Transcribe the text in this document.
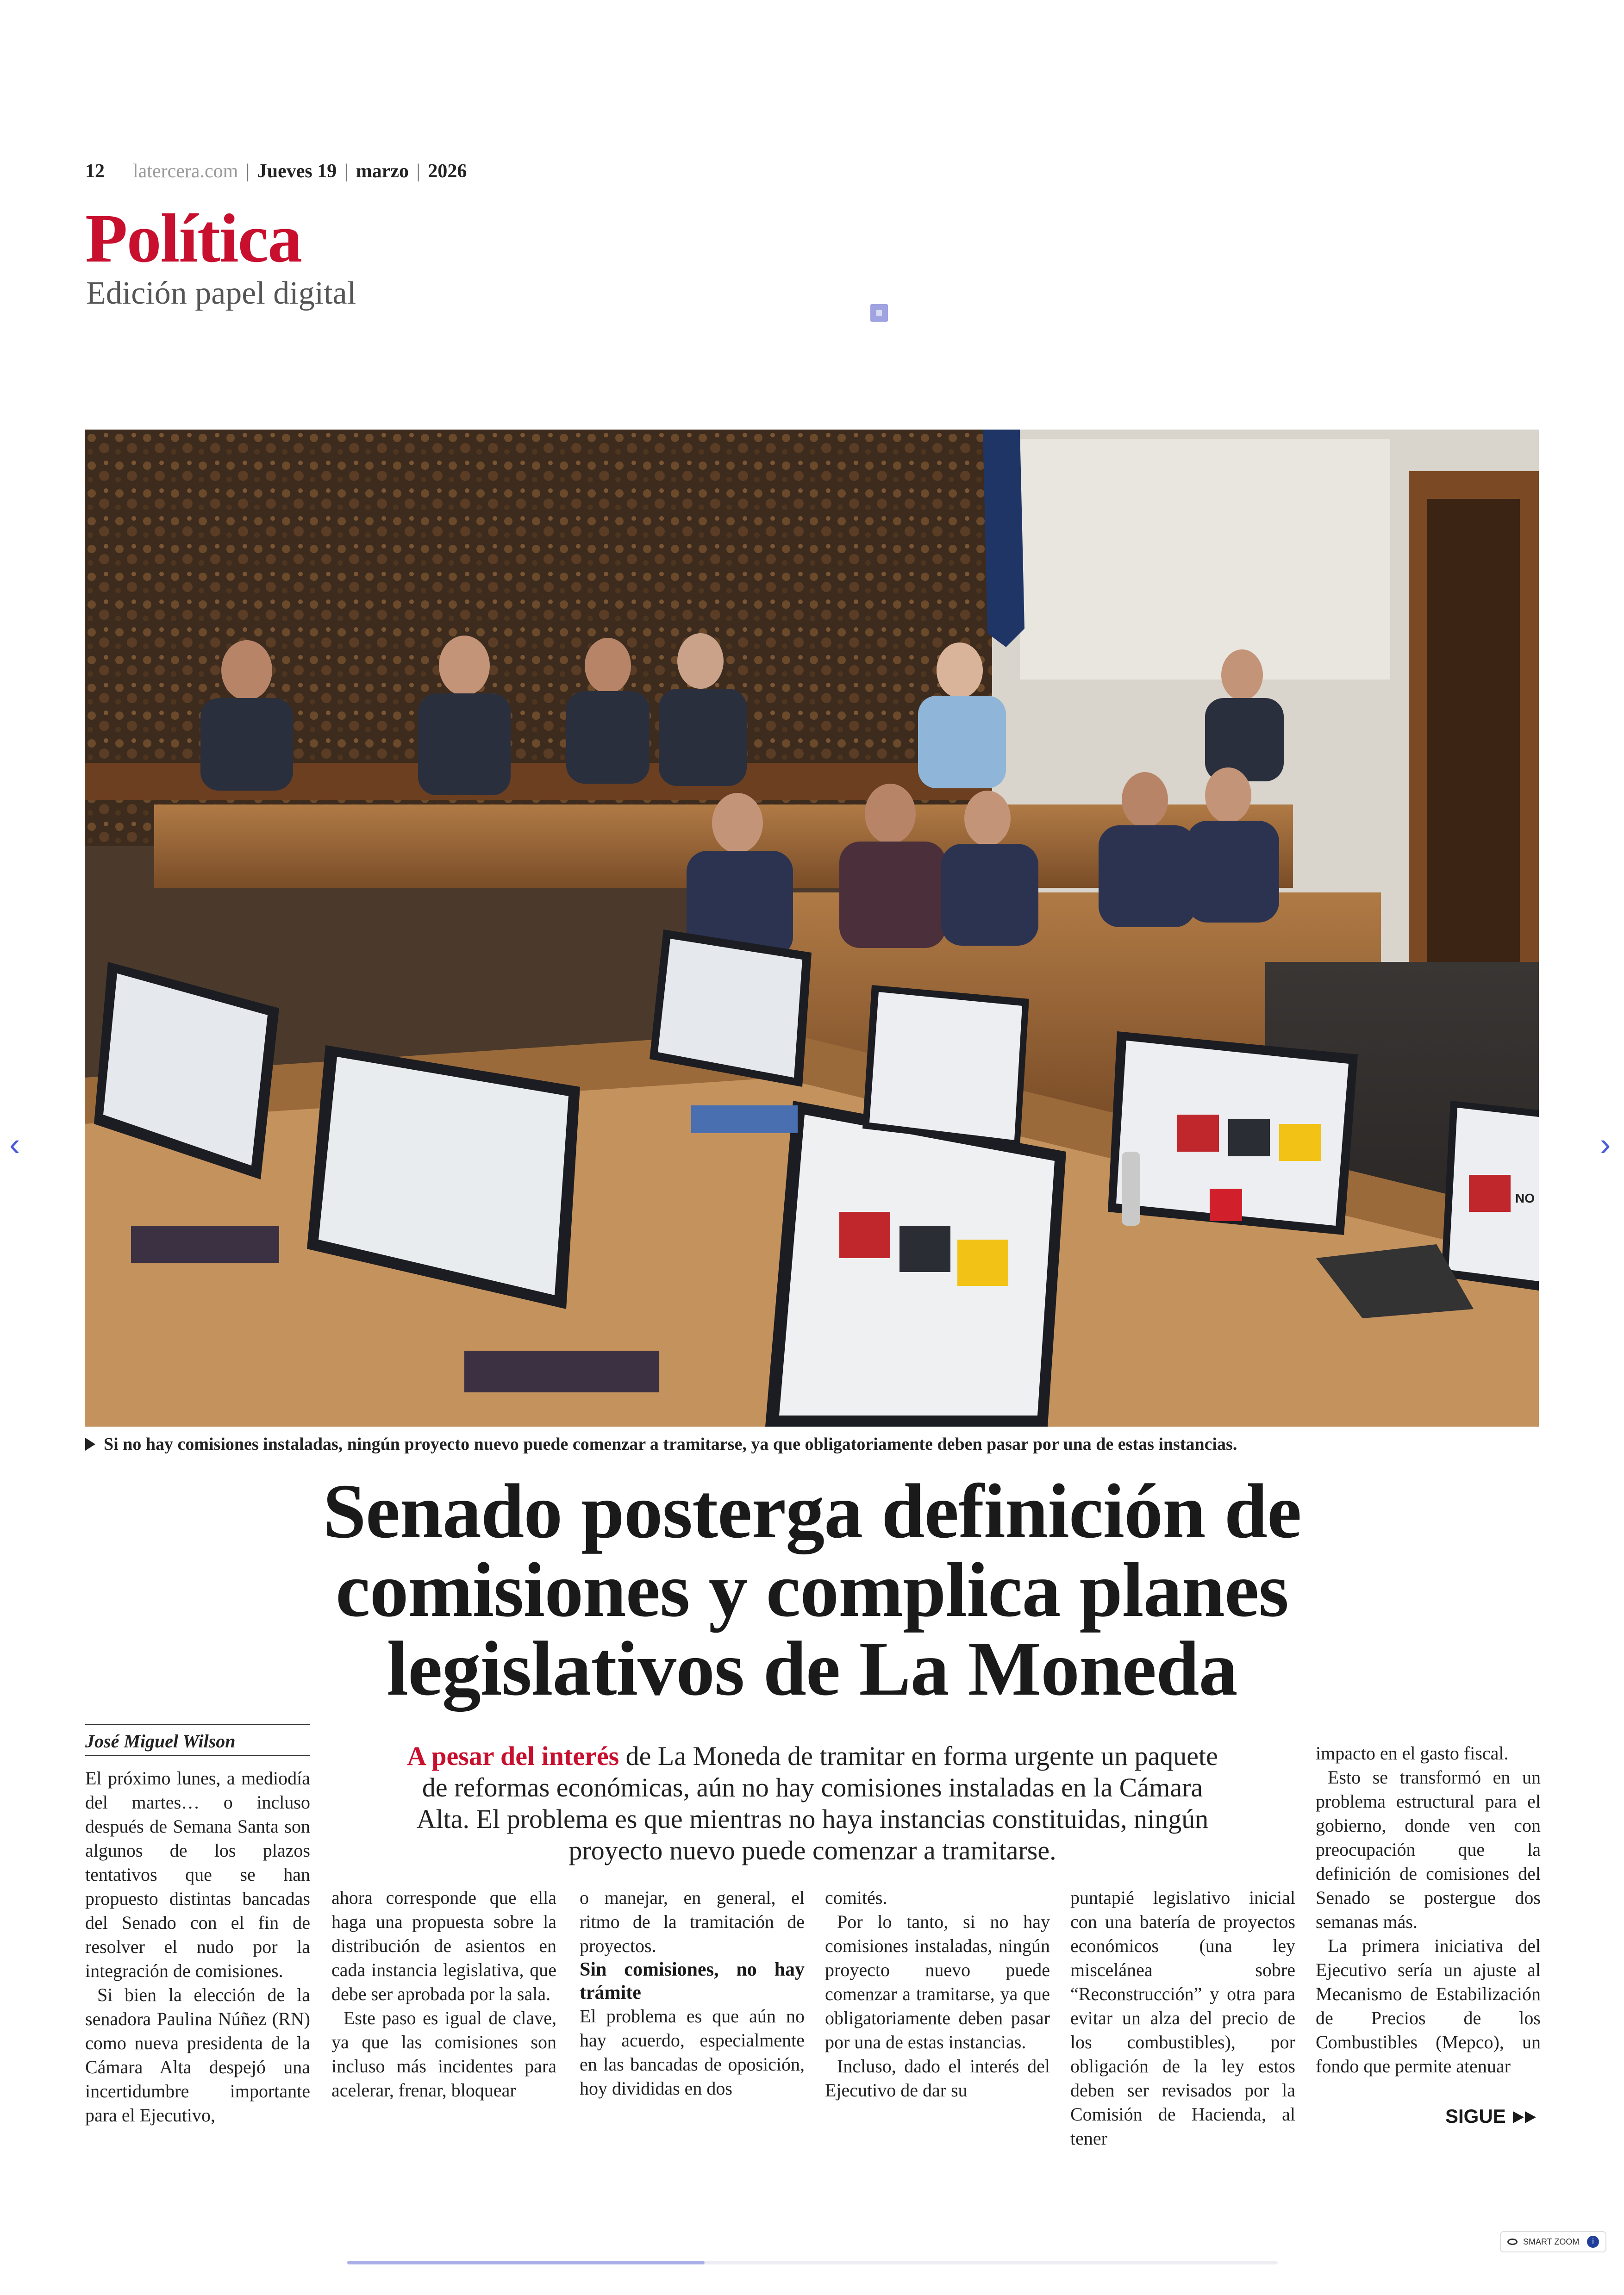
12 latercera.com | Jueves 19 | marzo | 2026
Política
Edición papel digital
NO
Si no hay comisiones instaladas, ningún proyecto nuevo puede comenzar a tramitarse, ya que obligatoriamente deben pasar por una de estas instancias.
Senado posterga definición de
comisiones y complica planes
legislativos de La Moneda
José Miguel Wilson

El próximo lunes, a mediodía del martes… o incluso después de Semana Santa son algunos de los plazos tentativos que se han propuesto distintas bancadas del Senado con el fin de resolver el nudo por la integración de comisiones.

Si bien la elección de la senadora Paulina Núñez (RN) como nueva presidenta de la Cámara Alta despejó una incertidumbre importante para el Ejecutivo,

A pesar del interés de La Moneda de tramitar en forma urgente un paquete de reformas económicas, aún no hay comisiones instaladas en la Cámara Alta. El problema es que mientras no haya instancias constituidas, ningún proyecto nuevo puede comenzar a tramitarse.

ahora corresponde que ella haga una propuesta sobre la distribución de asientos en cada instancia legislativa, que debe ser aprobada por la sala.

Este paso es igual de clave, ya que las comisiones son incluso más incidentes para acelerar, frenar, bloquear

o manejar, en general, el ritmo de la tramitación de proyectos.

Sin comisiones, no hay trámite

El problema es que aún no hay acuerdo, especialmente en las bancadas de oposición, hoy divididas en dos

comités.

Por lo tanto, si no hay comisiones instaladas, ningún proyecto nuevo puede comenzar a tramitarse, ya que obligatoriamente deben pasar por una de estas instancias.

Incluso, dado el interés del Ejecutivo de dar su

puntapié legislativo inicial con una batería de proyectos económicos (una ley miscelánea sobre “Reconstrucción” y otra para evitar un alza del precio de los combustibles), por obligación de la ley estos deben ser revisados por la Comisión de Hacienda, al tener

impacto en el gasto fiscal.

Esto se transformó en un problema estructural para el gobierno, donde ven con preocupación que la definición de comisiones del Senado se postergue dos semanas más.

La primera iniciativa del Ejecutivo sería un ajuste al Mecanismo de Estabilización de Precios de los Combustibles (Mepco), un fondo que permite atenuar

SIGUE
‹	›
SMART ZOOM	i
